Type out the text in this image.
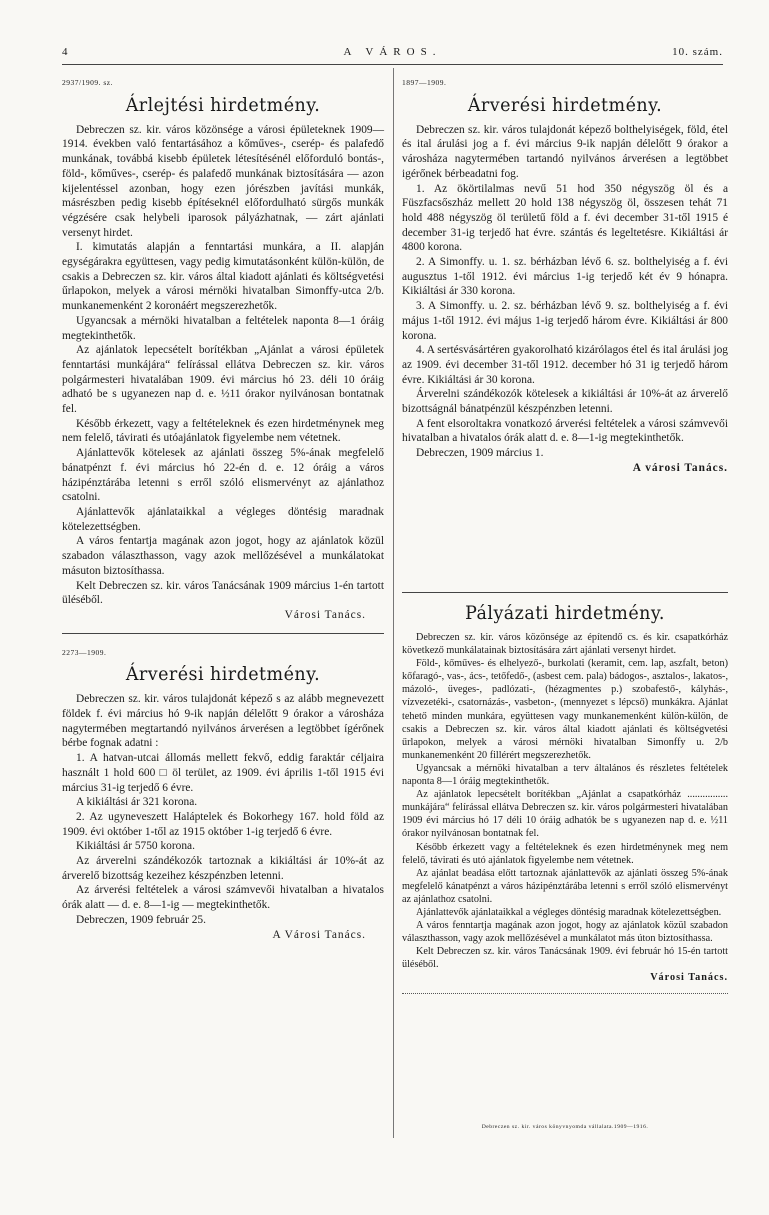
4	A VÁROS.	10. szám.
2937/1909. sz.
Árlejtési hirdetmény.

Debreczen sz. kir. város közönsége a városi épületeknek 1909—1914. években való fentartásához a kőműves-, cserép- és palafedő munkának, továbbá kisebb épületek létesítésénél előforduló bontás-, föld-, kőműves-, cserép- és palafedő munkának biztosítására — azon kijelentéssel azonban, hogy ezen jórészben javítási munkák, másrészben pedig kisebb építéseknél előfordulható sürgős munkák végzésére csak helybeli iparosok pályázhatnak, — zárt ajánlati versenyt hirdet.

I. kimutatás alapján a fenntartási munkára, a II. alapján egységárakra együttesen, vagy pedig kimutatásonként külön-külön, de csakis a Debreczen sz. kir. város által kiadott ajánlati és költségvetési űrlapokon, melyek a városi mérnöki hivatalban Simonffy-utca 2/b. munkanemenként 2 koronáért megszerezhetők.

Ugyancsak a mérnöki hivatalban a feltételek naponta 8—1 óráig megtekinthetők.

Az ajánlatok lepecsételt borítékban „Ajánlat a városi épületek fenntartási munkájára“ felírással ellátva Debreczen sz. kir. város polgármesteri hivatalában 1909. évi március hó 23. déli 10 óráig adható be s ugyanezen nap d. e. ½11 órakor nyilvánosan bontatnak fel.

Később érkezett, vagy a feltételeknek és ezen hirdetménynek meg nem felelő, távirati és utóajánlatok figyelembe nem vétetnek.

Ajánlattevők kötelesek az ajánlati összeg 5%-ának megfelelő bánatpénzt f. évi március hó 22-én d. e. 12 óráig a város házipénztárába letenni s erről szóló elismervényt az ajánlathoz csatolni.

Ajánlattevők ajánlataikkal a végleges döntésig maradnak kötelezettségben.

A város fentartja magának azon jogot, hogy az ajánlatok közül szabadon választhasson, vagy azok mellőzésével a munkálatokat másuton biztosíthassa.

Kelt Debreczen sz. kir. város Tanácsának 1909 március 1-én tartott üléséből.

Városi Tanács.
2273—1909.
Árverési hirdetmény.

Debreczen sz. kir. város tulajdonát képező s az alább megnevezett földek f. évi március hó 9-ik napján délelőtt 9 órakor a városháza nagytermében megtartandó nyilvános árverésen a legtöbbet ígérőnek bérbe fognak adatni :

1. A hatvan-utcai állomás mellett fekvő, eddig faraktár céljaira használt 1 hold 600 □ öl terület, az 1909. évi április 1-től 1915 évi március 31-ig terjedő 6 évre.

A kikiáltási ár 321 korona.

2. Az ugyneveszett Haláptelek és Bokorhegy 167. hold föld az 1909. évi október 1-től az 1915 október 1-ig terjedő 6 évre.

Kikiáltási ár 5750 korona.

Az árverelni szándékozók tartoznak a kikiáltási ár 10%-át az árverelő bizottság kezeihez készpénzben letenni.

Az árverési feltételek a városi számvevői hivatalban a hivatalos órák alatt — d. e. 8—1-ig — megtekinthetők.

Debreczen, 1909 február 25.

A Városi Tanács.
1897—1909.
Árverési hirdetmény.

Debreczen sz. kir. város tulajdonát képező bolthelyiségek, föld, étel és ital árulási jog a f. évi március 9-ik napján délelőtt 9 órakor a városháza nagytermében tartandó nyilvános árverésen a legtöbbet igérőnek bérbeadatni fog.

1. Az ökörtilalmas nevű 51 hod 350 négyszög öl és a Füszfacsőszház mellett 20 hold 138 négyszög öl, összesen tehát 71 hold 488 négyszög öl területű föld a f. évi december 31-től 1915 é december 31-ig terjedő hat évre. szántás és legeltetésre. Kikiáltási ár 4800 korona.

2. A Simonffy. u. 1. sz. bérházban lévő 6. sz. bolthelyiség a f. évi augusztus 1-től 1912. évi március 1-ig terjedő két év 9 hónapra. Kikiáltási ár 330 korona.

3. A Simonffy. u. 2. sz. bérházban lévő 9. sz. bolthelyiség a f. évi május 1-től 1912. évi május 1-ig terjedő három évre. Kikiáltási ár 800 korona.

4. A sertésvásártéren gyakorolható kizárólagos étel és ital árulási jog az 1909. évi december 31-től 1912. december hó 31 ig terjedő három évre. Kikiáltási ár 30 korona.

Árverelni szándékozók kötelesek a kikiáltási ár 10%-át az árverelő bizottságnál bánatpénzül készpénzben letenni.

A fent elsoroltakra vonatkozó árverési feltételek a városi számvevői hivatalban a hivatalos órák alatt d. e. 8—1-ig megtekinthetők.

Debreczen, 1909 március 1.

A városi Tanács.
Pályázati hirdetmény.

Debreczen sz. kir. város közönsége az építendő cs. és kir. csapatkórház következő munkálatainak biztosítására zárt ajánlati versenyt hirdet.

Föld-, kőműves- és elhelyező-, burkolati (keramit, cem. lap, aszfalt, beton) kőfaragó-, vas-, ács-, tetőfedő-, (asbest cem. pala) bádogos-, asztalos-, lakatos-, mázoló-, üveges-, padlózati-, (hézagmentes p.) szobafestő-, kályhás-, vízvezetéki-, csatornázás-, vasbeton-, (mennyezet s lépcső) munkákra. Ajánlat tehető minden munkára, együttesen vagy munkanemenként külön-külön, de csakis a Debreczen sz. kir. város által kiadott ajánlati és költségvetési űrlapokon, melyek a városi mérnöki hivatalban Simonffy u. 2/b munkanemenként 20 fillérért megszerezhetők.

Ugyancsak a mérnöki hivatalban a terv általános és részletes feltételek naponta 8—1 óráig megtekinthetők.

Az ajánlatok lepecsételt borítékban „Ajánlat a csapatkórház ................ munkájára“ felírással ellátva Debreczen sz. kir. város polgármesteri hivatalában 1909 évi március hó 17 déli 10 óráig adhatók be s ugyanezen nap d. e. ½11 órakor nyilvánosan bontatnak fel.

Később érkezett vagy a feltételeknek és ezen hirdetménynek meg nem felelő, távirati és utó ajánlatok figyelembe nem vétetnek.

Az ajánlat beadása előtt tartoznak ajánlattevők az ajánlati összeg 5%-ának megfelelő kánatpénzt a város házipénztárába letenni s erről szóló elismervényt az ajánlathoz csatolni.

Ajánlattevők ajánlataikkal a végleges döntésig maradnak kötelezettségben.

A város fenntartja magának azon jogot, hogy az ajánlatok közül szabadon választhasson, vagy azok mellőzésével a munkálatot más úton biztosíthassa.

Kelt Debreczen sz. kir. város Tanácsának 1909. évi február hó 15-én tartott üléséből.

Városi Tanács.
Debreczen sz. kir. város könyvnyomda vállalata.1909—1916.
